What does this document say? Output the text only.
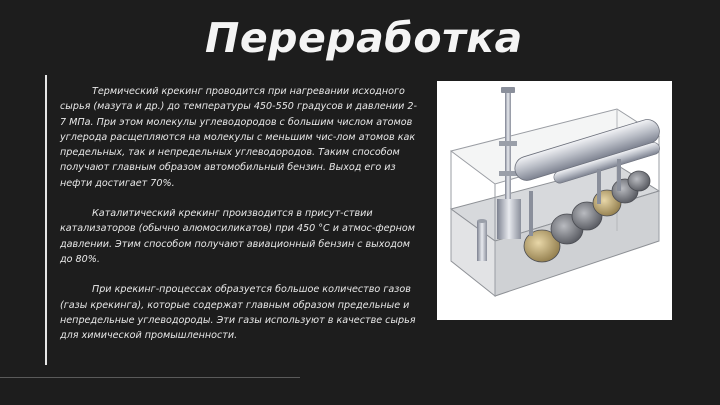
Переработка

Термический крекинг проводится при нагревании исходного сырья (мазута и др.) до температуры 450-550 градусов и давлении 2-7 МПа. При этом молекулы углеводородов с большим числом атомов углерода расщепляются на молекулы с меньшим чис-лом атомов как предельных, так и непредельных углеводородов. Таким способом получают главным образом автомобильный бензин. Выход его из нефти достигает 70%.

Каталитический крекинг производится в присут-ствии катализаторов (обычно алюмосиликатов) при 450 °С и атмос-ферном давлении. Этим способом получают авиационный бензин с выходом до 80%.

При крекинг-процессах образуется большое количество газов (газы крекинга), которые содержат главным образом предельные и непредельные углеводороды. Эти газы используют в качестве сырья для химической промышленности.
